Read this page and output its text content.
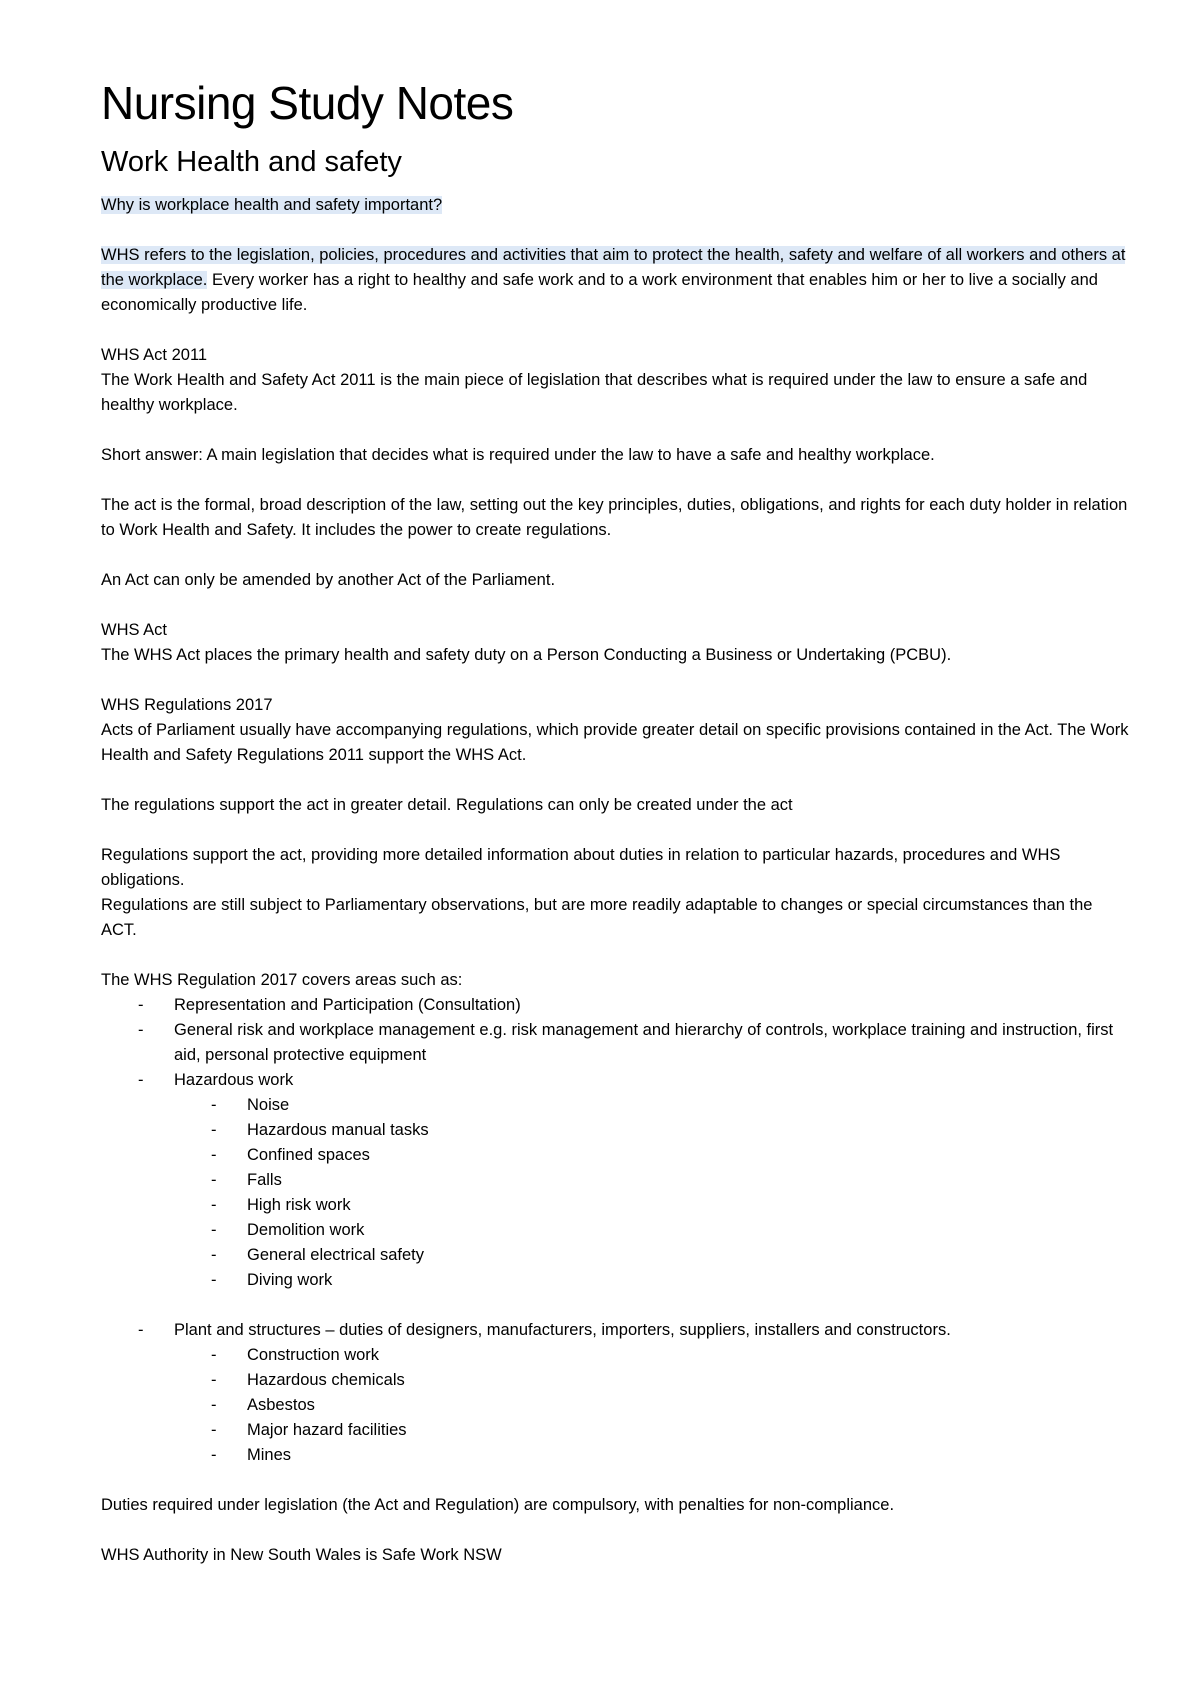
Nursing Study Notes
Work Health and safety

Why is workplace health and safety important?

WHS refers to the legislation, policies, procedures and activities that aim to protect the health, safety and welfare of all workers and others at the workplace. Every worker has a right to healthy and safe work and to a work environment that enables him or her to live a socially and economically productive life.

WHS Act 2011

The Work Health and Safety Act 2011 is the main piece of legislation that describes what is required under the law to ensure a safe and healthy workplace.

Short answer: A main legislation that decides what is required under the law to have a safe and healthy workplace.

The act is the formal, broad description of the law, setting out the key principles, duties, obligations, and rights for each duty holder in relation to Work Health and Safety. It includes the power to create regulations.

An Act can only be amended by another Act of the Parliament.

WHS Act

The WHS Act places the primary health and safety duty on a Person Conducting a Business or Undertaking (PCBU).

WHS Regulations 2017

Acts of Parliament usually have accompanying regulations, which provide greater detail on specific provisions contained in the Act. The Work Health and Safety Regulations 2011 support the WHS Act.

The regulations support the act in greater detail. Regulations can only be created under the act

Regulations support the act, providing more detailed information about duties in relation to particular hazards, procedures and WHS obligations.

Regulations are still subject to Parliamentary observations, but are more readily adaptable to changes or special circumstances than the ACT.

The WHS Regulation 2017 covers areas such as:

- Representation and Participation (Consultation)
- General risk and workplace management e.g. risk management and hierarchy of controls, workplace training and instruction, first aid, personal protective equipment
- Hazardous work
- Noise
- Hazardous manual tasks
- Confined spaces
- Falls
- High risk work
- Demolition work
- General electrical safety
- Diving work
- Plant and structures – duties of designers, manufacturers, importers, suppliers, installers and constructors.
- Construction work
- Hazardous chemicals
- Asbestos
- Major hazard facilities
- Mines

Duties required under legislation (the Act and Regulation) are compulsory, with penalties for non-compliance.

WHS Authority in New South Wales is Safe Work NSW
